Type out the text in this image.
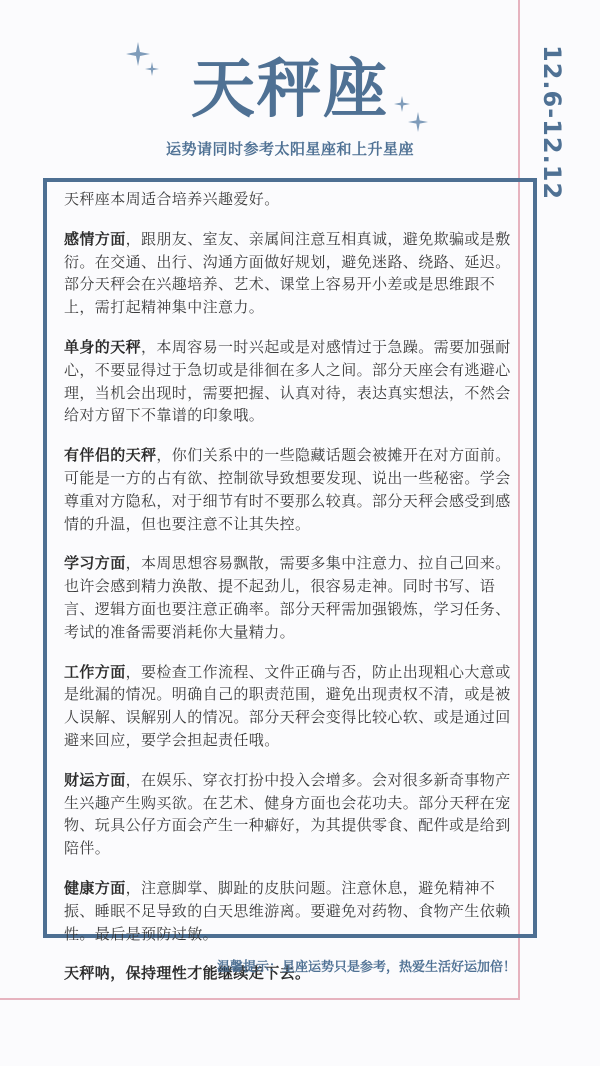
天秤座
运势请同时参考太阳星座和上升星座	12.6-12.12

天秤座本周适合培养兴趣爱好。

感情方面，跟朋友、室友、亲属间注意互相真诚，避免欺骗或是敷衍。在交通、出行、沟通方面做好规划，避免迷路、绕路、延迟。部分天秤会在兴趣培养、艺术、课堂上容易开小差或是思维跟不上，需打起精神集中注意力。

单身的天秤，本周容易一时兴起或是对感情过于急躁。需要加强耐心，不要显得过于急切或是徘徊在多人之间。部分天座会有逃避心理，当机会出现时，需要把握、认真对待，表达真实想法，不然会给对方留下不靠谱的印象哦。

有伴侣的天秤，你们关系中的一些隐藏话题会被摊开在对方面前。可能是一方的占有欲、控制欲导致想要发现、说出一些秘密。学会尊重对方隐私，对于细节有时不要那么较真。部分天秤会感受到感情的升温，但也要注意不让其失控。

学习方面，本周思想容易飘散，需要多集中注意力、拉自己回来。也许会感到精力涣散、提不起劲儿，很容易走神。同时书写、语言、逻辑方面也要注意正确率。部分天秤需加强锻炼，学习任务、考试的准备需要消耗你大量精力。

工作方面，要检查工作流程、文件正确与否，防止出现粗心大意或是纰漏的情况。明确自己的职责范围，避免出现责权不清，或是被人误解、误解别人的情况。部分天秤会变得比较心软、或是通过回避来回应，要学会担起责任哦。

财运方面，在娱乐、穿衣打扮中投入会增多。会对很多新奇事物产生兴趣产生购买欲。在艺术、健身方面也会花功夫。部分天秤在宠物、玩具公仔方面会产生一种癖好，为其提供零食、配件或是给到陪伴。

健康方面，注意脚掌、脚趾的皮肤问题。注意休息，避免精神不振、睡眠不足导致的白天思维游离。要避免对药物、食物产生依赖性。最后是预防过敏。

天秤呐，保持理性才能继续走下去。

温馨提示：星座运势只是参考，热爱生活好运加倍！
